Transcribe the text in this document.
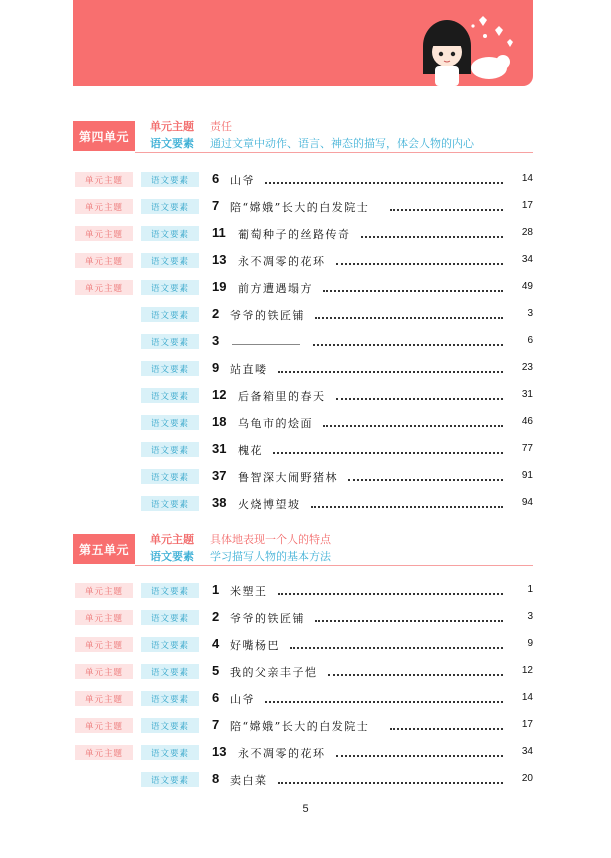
第四单元
单元主题 责任
语文要素 通过文章中动作、语言、神态的描写，体会人物的内心
单元主题	语文要素	6 山爷	14
单元主题	语文要素	7 陪“嫦娥”长大的白发院士	17
单元主题	语文要素	11 葡萄种子的丝路传奇	28
单元主题	语文要素	13 永不凋零的花环	34
单元主题	语文要素	19 前方遭遇塌方	49
语文要素	2 爷爷的铁匠铺	3
语文要素	3	6
语文要素	9 站直喽	23
语文要素	12 后备箱里的春天	31
语文要素	18 乌龟市的烩面	46
语文要素	31 槐花	77
语文要素	37 鲁智深大闹野猪林	91
语文要素	38 火烧博望坡	94
第五单元
单元主题 具体地表现一个人的特点
语文要素 学习描写人物的基本方法
单元主题	语文要素	1 米塑王	1
单元主题	语文要素	2 爷爷的铁匠铺	3
单元主题	语文要素	4 好嘴杨巴	9
单元主题	语文要素	5 我的父亲丰子恺	12
单元主题	语文要素	6 山爷	14
单元主题	语文要素	7 陪“嫦娥”长大的白发院士	17
单元主题	语文要素	13 永不凋零的花环	34
语文要素	8 卖白菜	20
5
